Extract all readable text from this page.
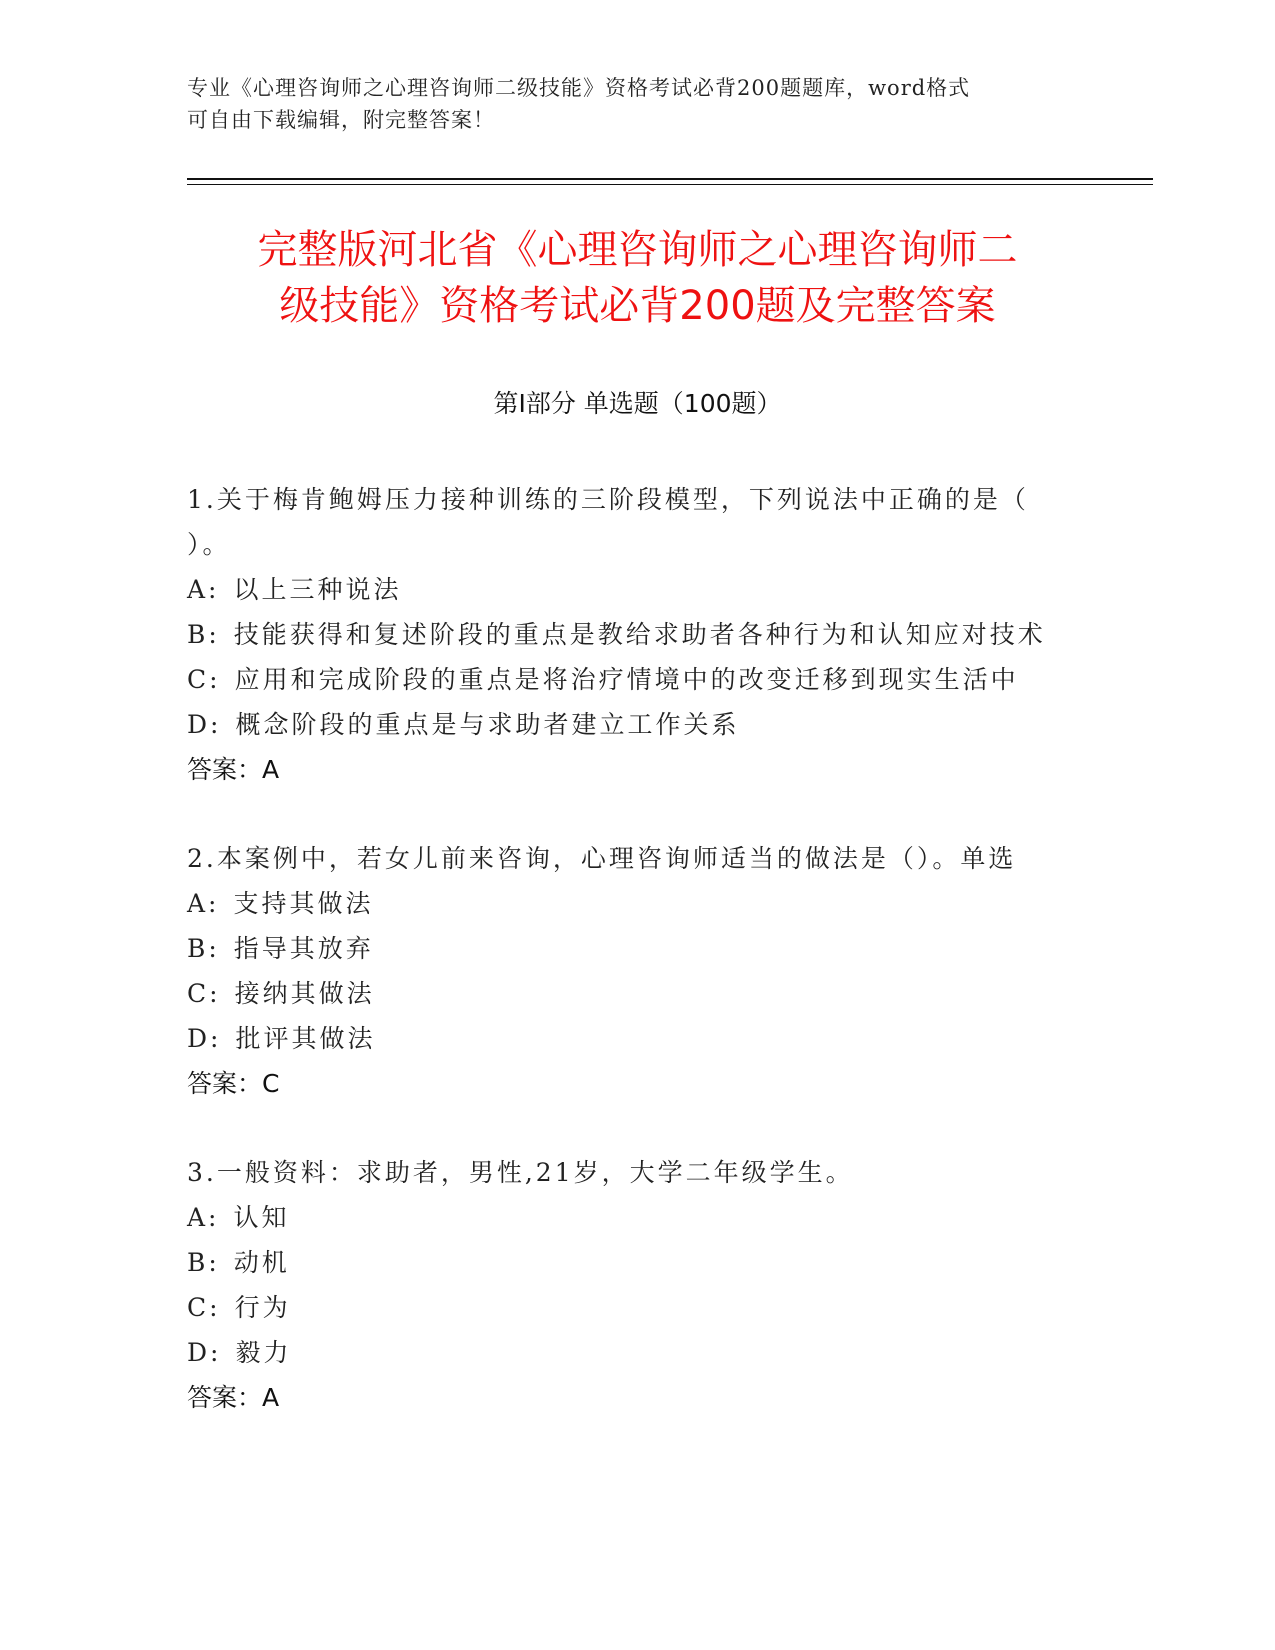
专业《心理咨询师之心理咨询师二级技能》资格考试必背200题题库，word格式
可自由下载编辑，附完整答案！
完整版河北省《心理咨询师之心理咨询师二
级技能》资格考试必背200题及完整答案
第Ⅰ部分 单选题（100题）
1.关于梅肯鲍姆压力接种训练的三阶段模型，下列说法中正确的是（
）。
A: 以上三种说法
B: 技能获得和复述阶段的重点是教给求助者各种行为和认知应对技术
C: 应用和完成阶段的重点是将治疗情境中的改变迁移到现实生活中
D: 概念阶段的重点是与求助者建立工作关系
答案：A
2.本案例中，若女儿前来咨询，心理咨询师适当的做法是（）。单选
A: 支持其做法
B: 指导其放弃
C: 接纳其做法
D: 批评其做法
答案：C
3.一般资料：求助者，男性,21岁，大学二年级学生。
A: 认知
B: 动机
C: 行为
D: 毅力
答案：A
